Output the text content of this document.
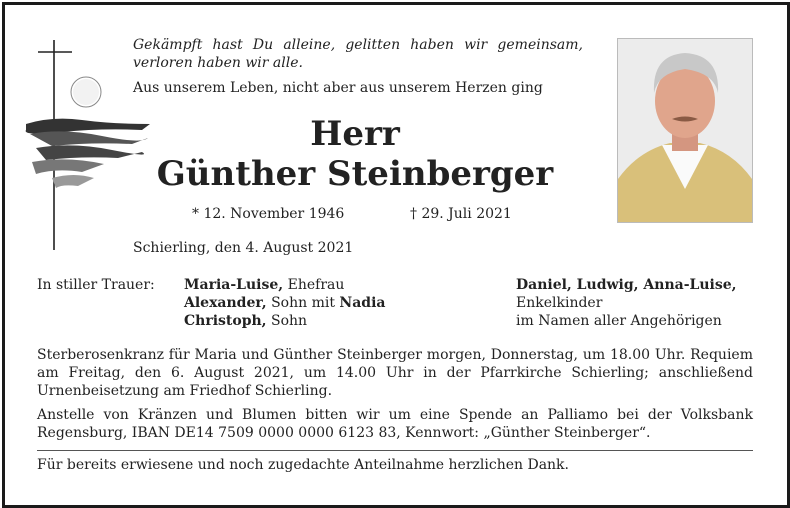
Gekämpft hast Du alleine, gelitten haben wir gemeinsam, verloren haben wir alle.
Aus unserem Leben, nicht aber aus unserem Herzen ging
Herr
Günther Steinberger
* 12. November 1946	† 29. Juli 2021
Schierling, den 4. August 2021
In stiller Trauer: Maria-Luise, Ehefrau
Alexander, Sohn mit Nadia
Christoph, Sohn
Daniel, Ludwig, Anna-Luise,
Enkelkinder
im Namen aller Angehörigen
Sterberosenkranz für Maria und Günther Steinberger morgen, Donnerstag, um 18.00 Uhr. Requiem am Freitag, den 6. August 2021, um 14.00 Uhr in der Pfarrkirche Schierling; anschließend Urnenbeisetzung am Friedhof Schierling.
Anstelle von Kränzen und Blumen bitten wir um eine Spende an Palliamo bei der Volksbank Regensburg, IBAN DE14 7509 0000 0000 6123 83, Kennwort: „Günther Steinberger“.
Für bereits erwiesene und noch zugedachte Anteilnahme herzlichen Dank.
